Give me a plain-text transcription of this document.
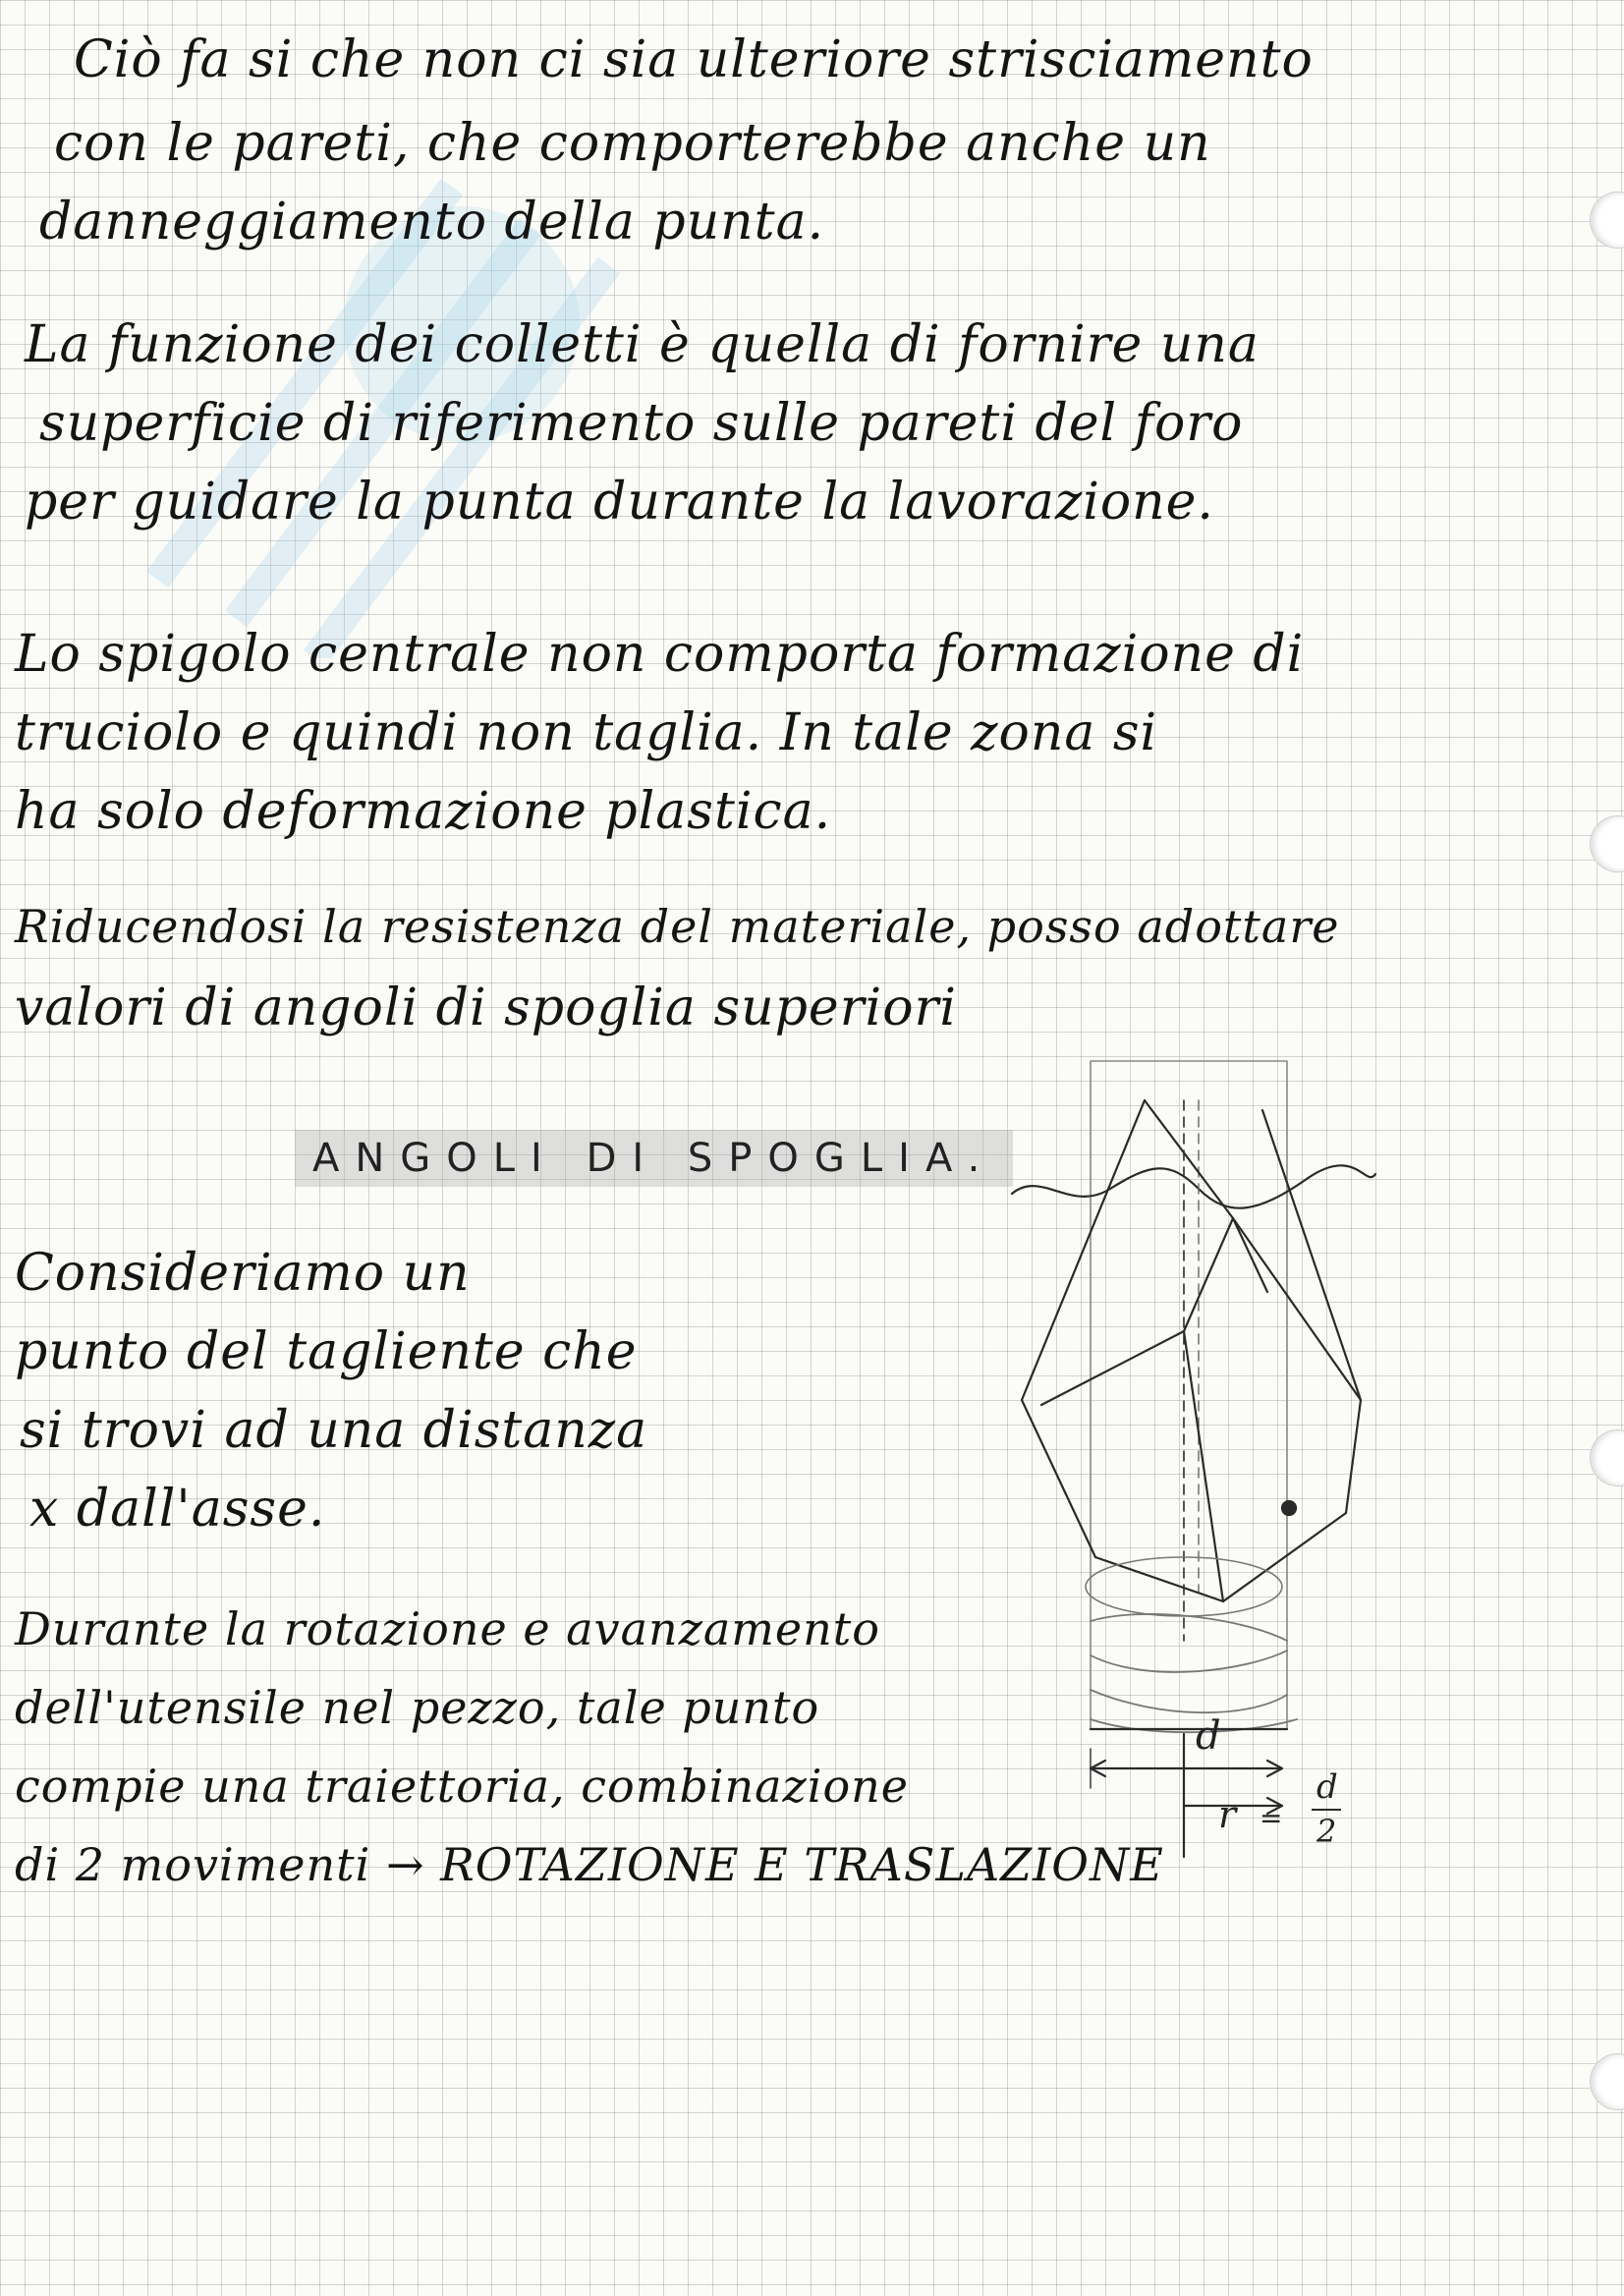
Ciò fa si che non ci sia ulteriore strisciamento
con le pareti, che comporterebbe anche un
danneggiamento della punta.
La funzione dei colletti è quella di fornire una
superficie di riferimento sulle pareti del foro
per guidare la punta durante la lavorazione.
Lo spigolo centrale non comporta formazione di
truciolo e quindi non taglia. In tale zona si
ha solo deformazione plastica.
Riducendosi la resistenza del materiale, posso adottare
valori di angoli di spoglia superiori
ANGOLI DI SPOGLIA.
Consideriamo un
punto del tagliente che
si trovi ad una distanza
x dall'asse.
Durante la rotazione e avanzamento
dell'utensile nel pezzo, tale punto
compie una traiettoria, combinazione
di 2 movimenti → ROTAZIONE E TRASLAZIONE
d
r =
d
2
